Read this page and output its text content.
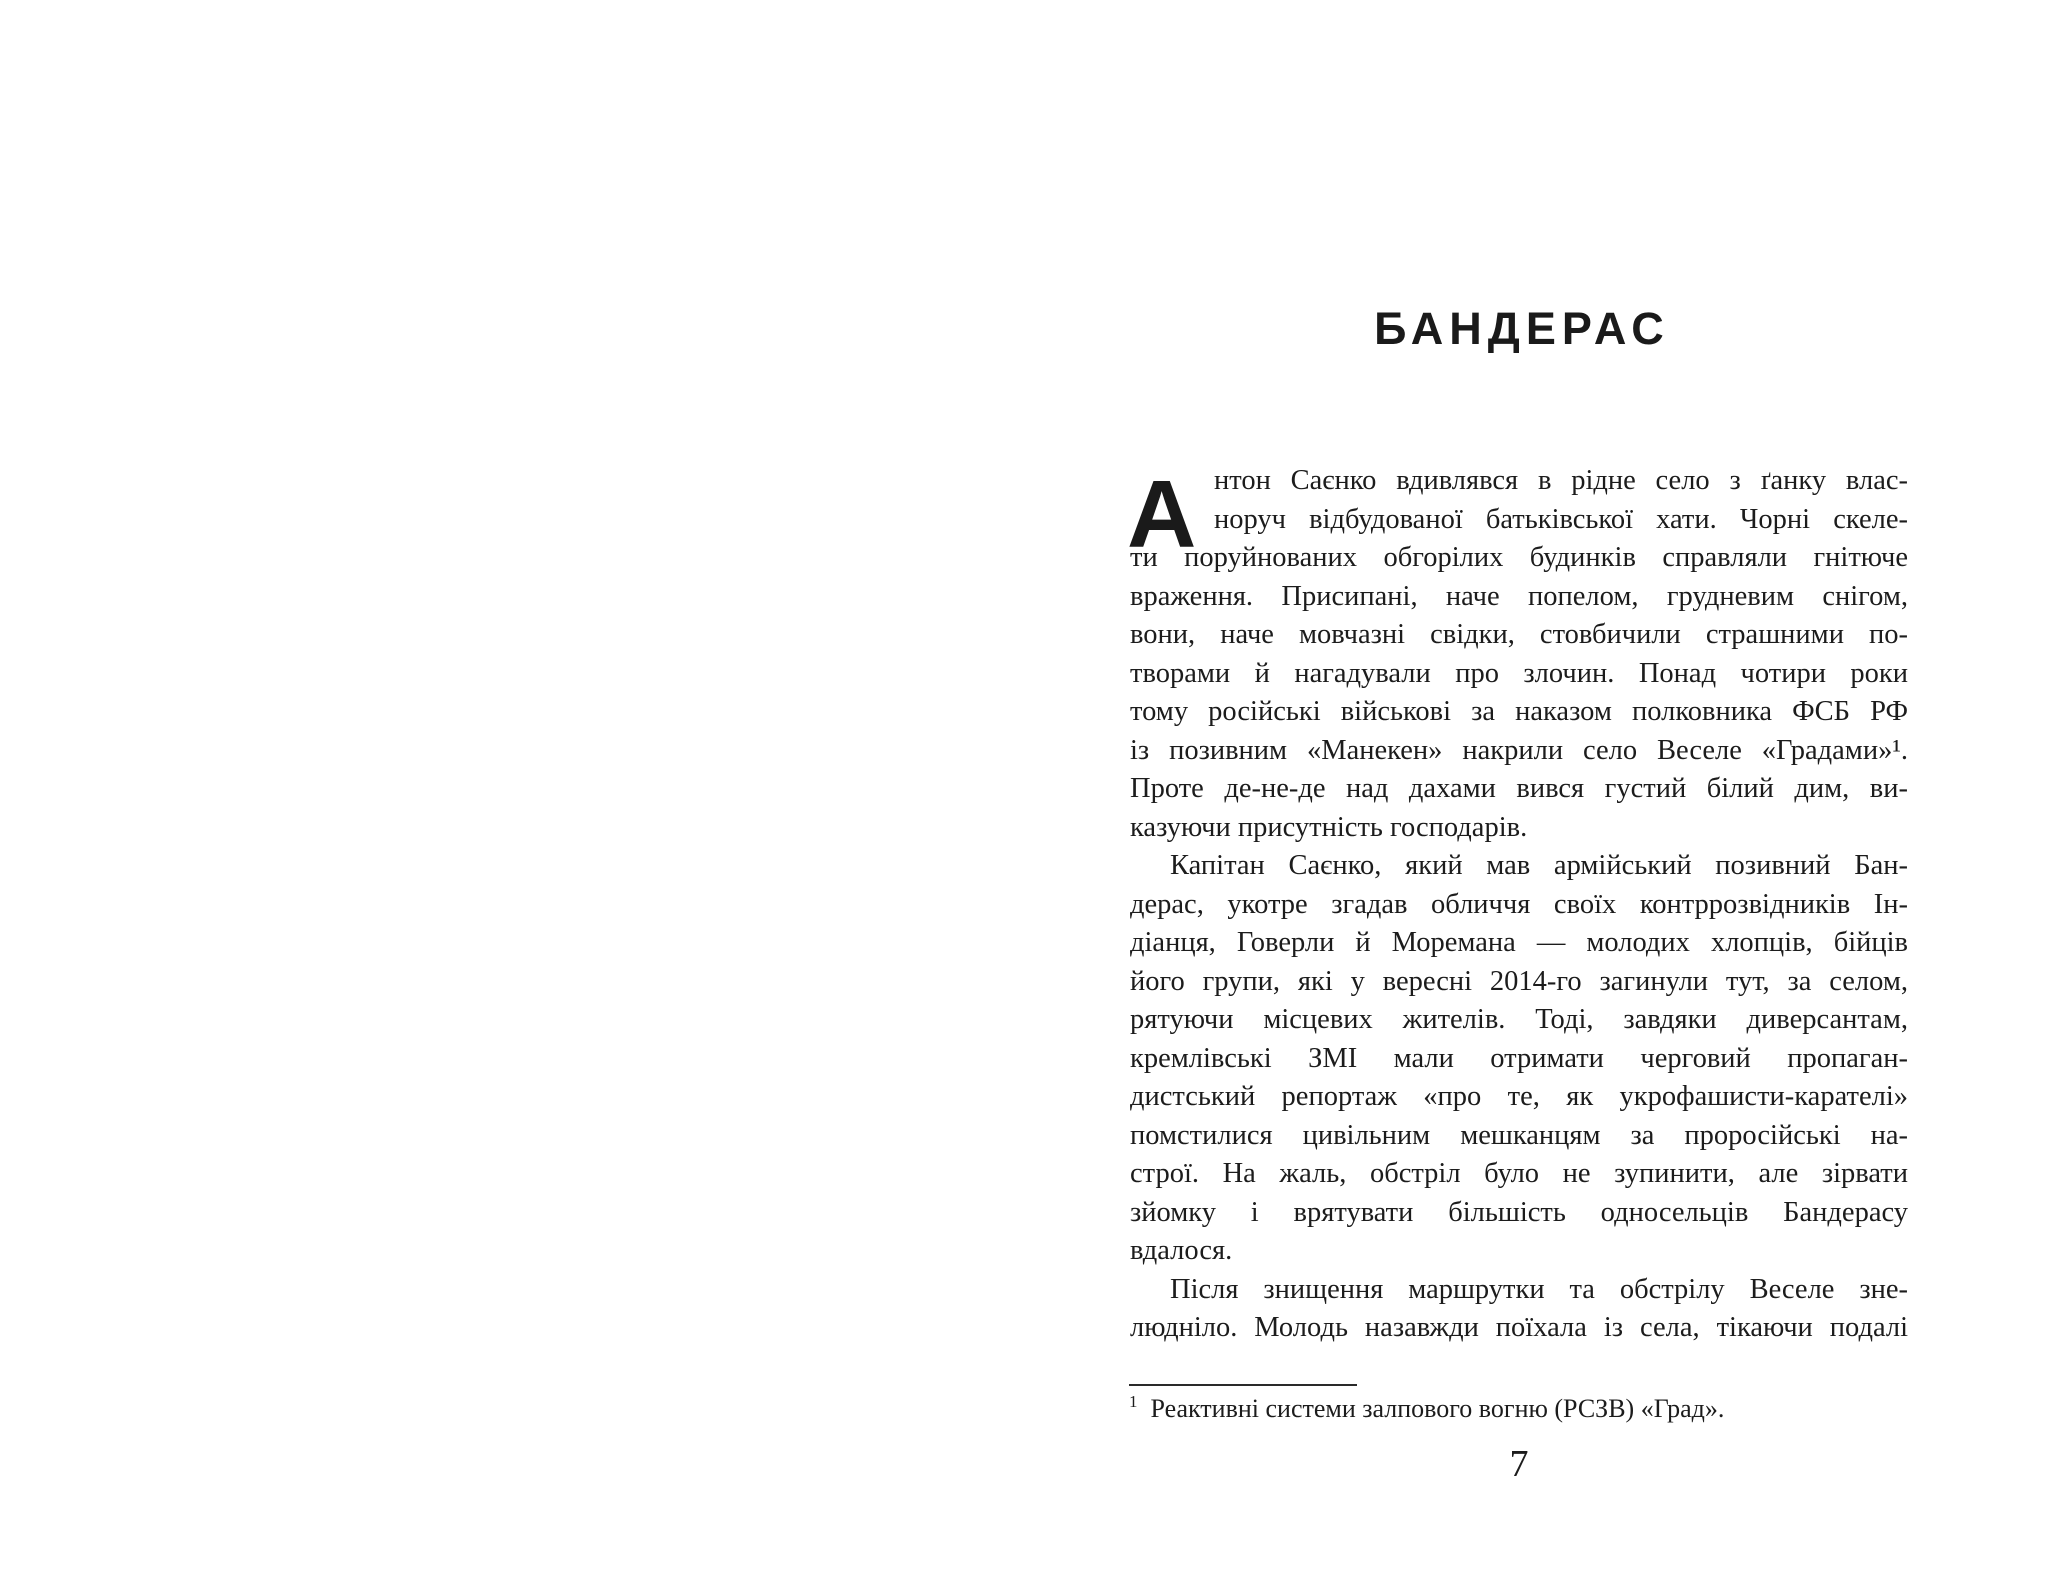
БАНДЕРАС
А нтон Саєнко вдивлявся в рідне село з ґанку влас-
норуч відбудованої батьківської хати. Чорні скеле-
ти поруйнованих обгорілих будинків справляли гнітюче
враження. Присипані, наче попелом, грудневим снігом,
вони, наче мовчазні свідки, стовбичили страшними по-
творами й нагадували про злочин. Понад чотири роки
тому російські військові за наказом полковника ФСБ РФ
із позивним «Манекен» накрили село Веселе «Градами»¹.
Проте де-не-де над дахами вився густий білий дим, ви-
казуючи присутність господарів.
Капітан Саєнко, який мав армійський позивний Бан-
дерас, укотре згадав обличчя своїх контррозвідників Ін-
діанця, Говерли й Моремана — молодих хлопців, бійців
його групи, які у вересні 2014-го загинули тут, за селом,
рятуючи місцевих жителів. Тоді, завдяки диверсантам,
кремлівські ЗМІ мали отримати черговий пропаган-
дистський репортаж «про те, як укрофашисти-карателі»
помстилися цивільним мешканцям за проросійські на-
строї. На жаль, обстріл було не зупинити, але зірвати
зйомку і врятувати більшість односельців Бандерасу
вдалося.
Після знищення маршрутки та обстрілу Веселе зне-
людніло. Молодь назавжди поїхала із села, тікаючи подалі
$^1$ Реактивні системи залпового вогню (РСЗВ) «Град».
7
